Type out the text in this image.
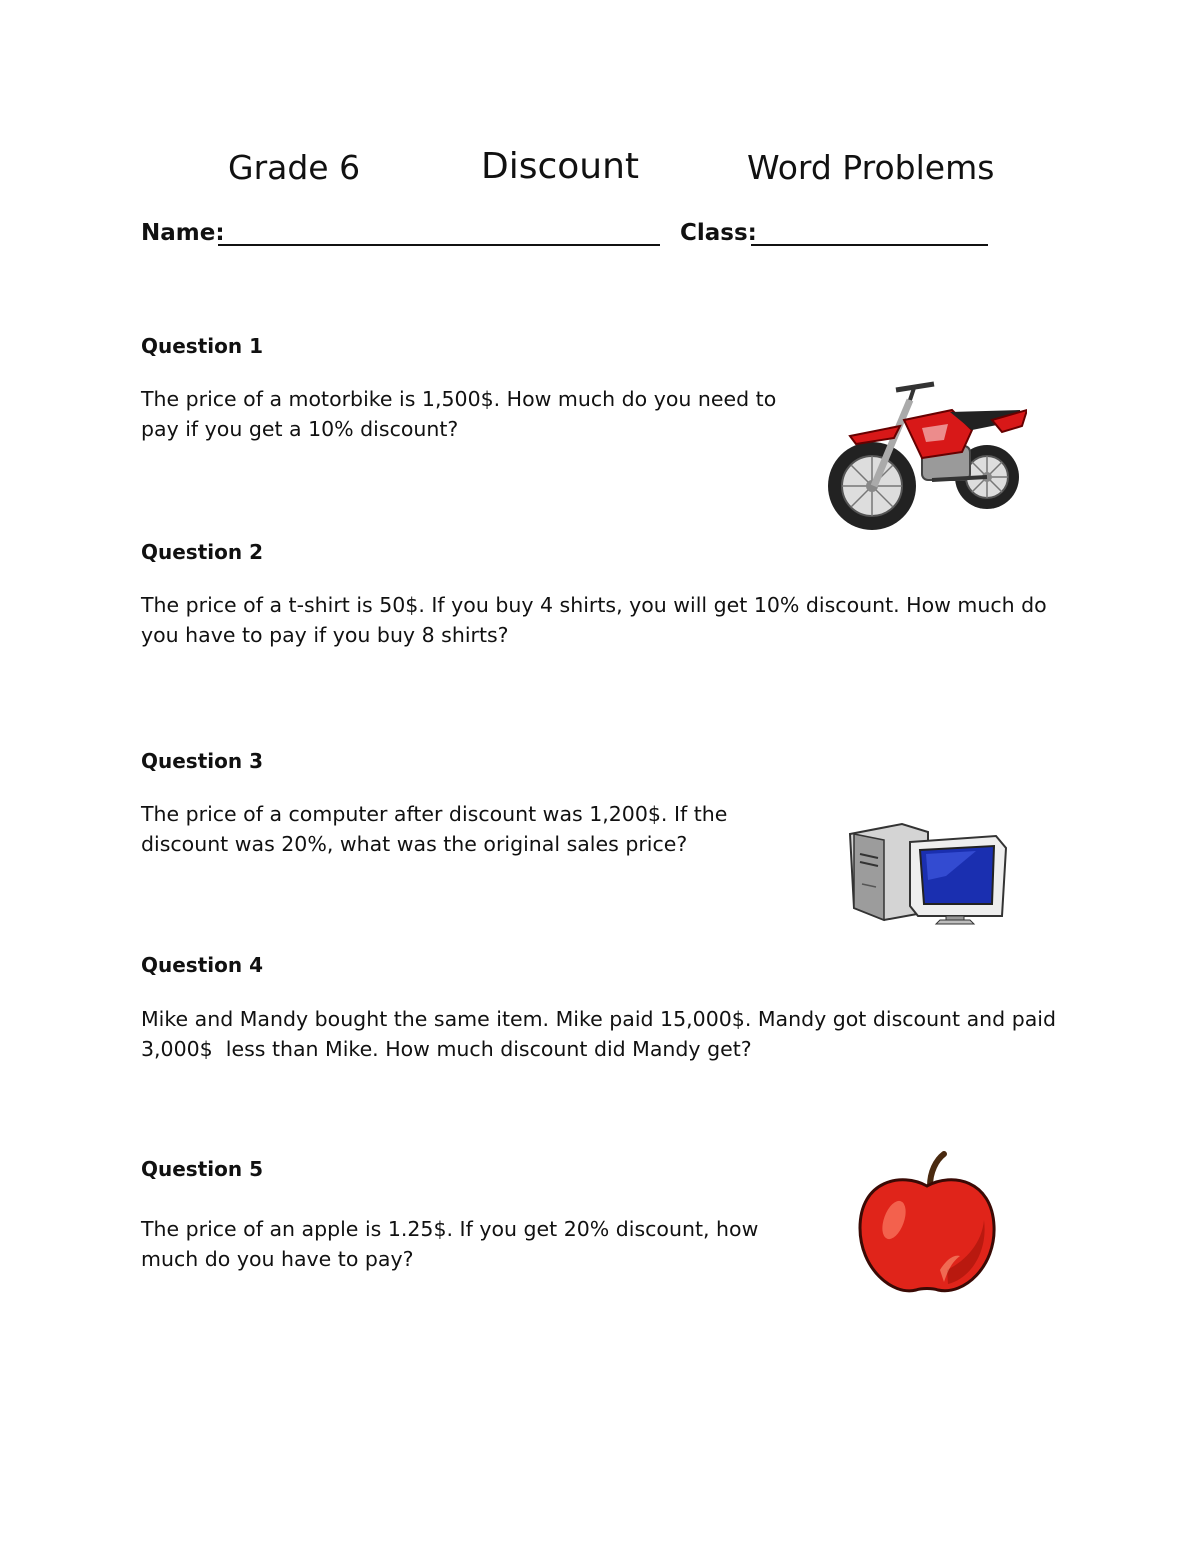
Grade 6	Discount	Word Problems
Name:	Class:
Question 1
The price of a motorbike is 1,500$. How much do you need to
pay if you get a 10% discount?
Question 2
The price of a t-shirt is 50$. If you buy 4 shirts, you will get 10% discount. How much do
you have to pay if you buy 8 shirts?
Question 3
The price of a computer after discount was 1,200$. If the
discount was 20%, what was the original sales price?
Question 4
Mike and Mandy bought the same item. Mike paid 15,000$. Mandy got discount and paid
3,000$  less than Mike. How much discount did Mandy get?
Question 5
The price of an apple is 1.25$. If you get 20% discount, how
much do you have to pay?
